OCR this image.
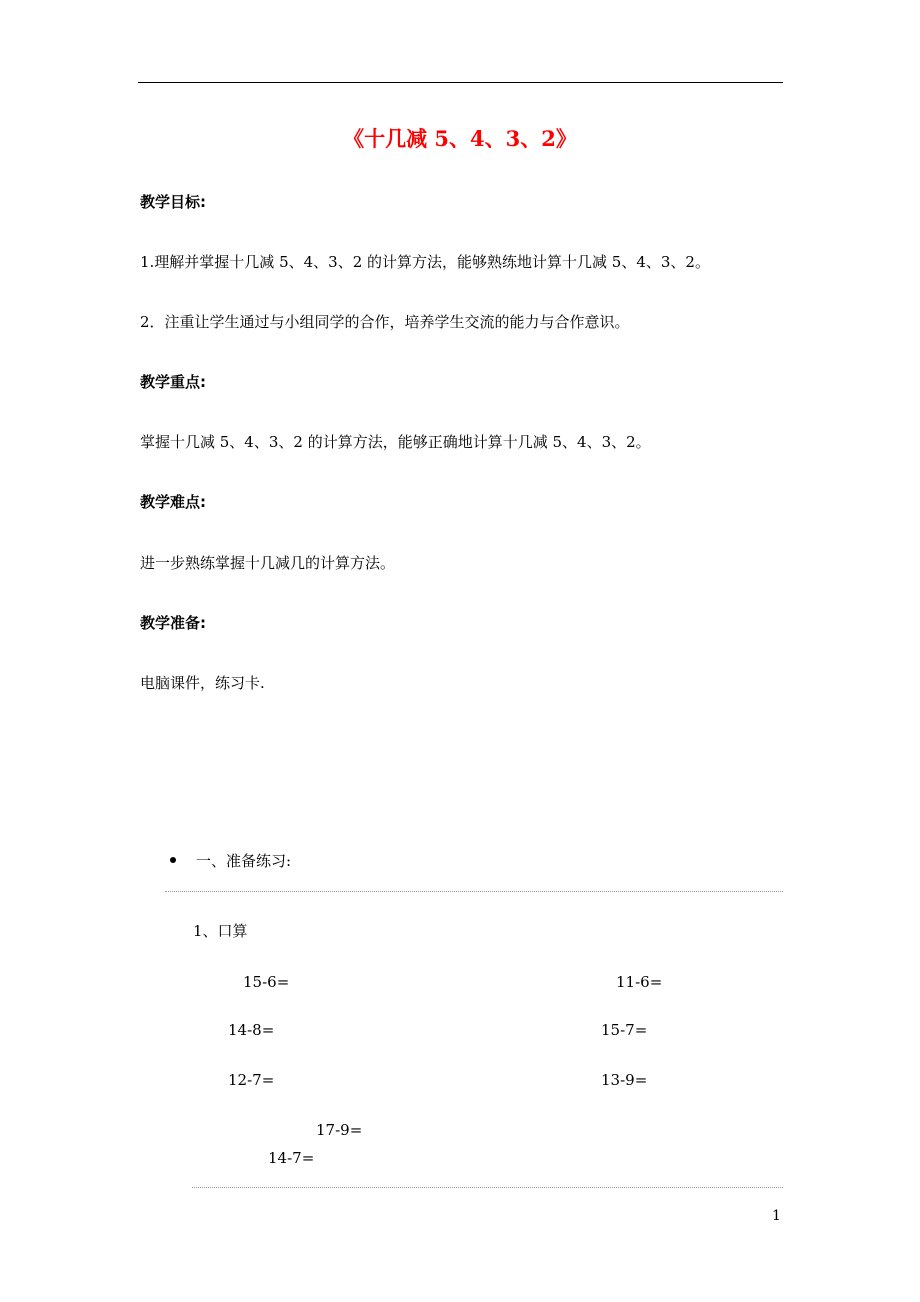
《十几减 5、4、3、2》
教学目标:
1.理解并掌握十几减 5、4、3、2 的计算方法，能够熟练地计算十几减 5、4、3、2。
2．注重让学生通过与小组同学的合作，培养学生交流的能力与合作意识。
教学重点:
掌握十几减 5、4、3、2 的计算方法，能够正确地计算十几减 5、4、3、2。
教学难点:
进一步熟练掌握十几减几的计算方法。
教学准备:
电脑课件，练习卡.
一、准备练习:
1、口算
15-6=	11-6=
14-8=	15-7=
12-7=	13-9=
17-9=
14-7=
1
